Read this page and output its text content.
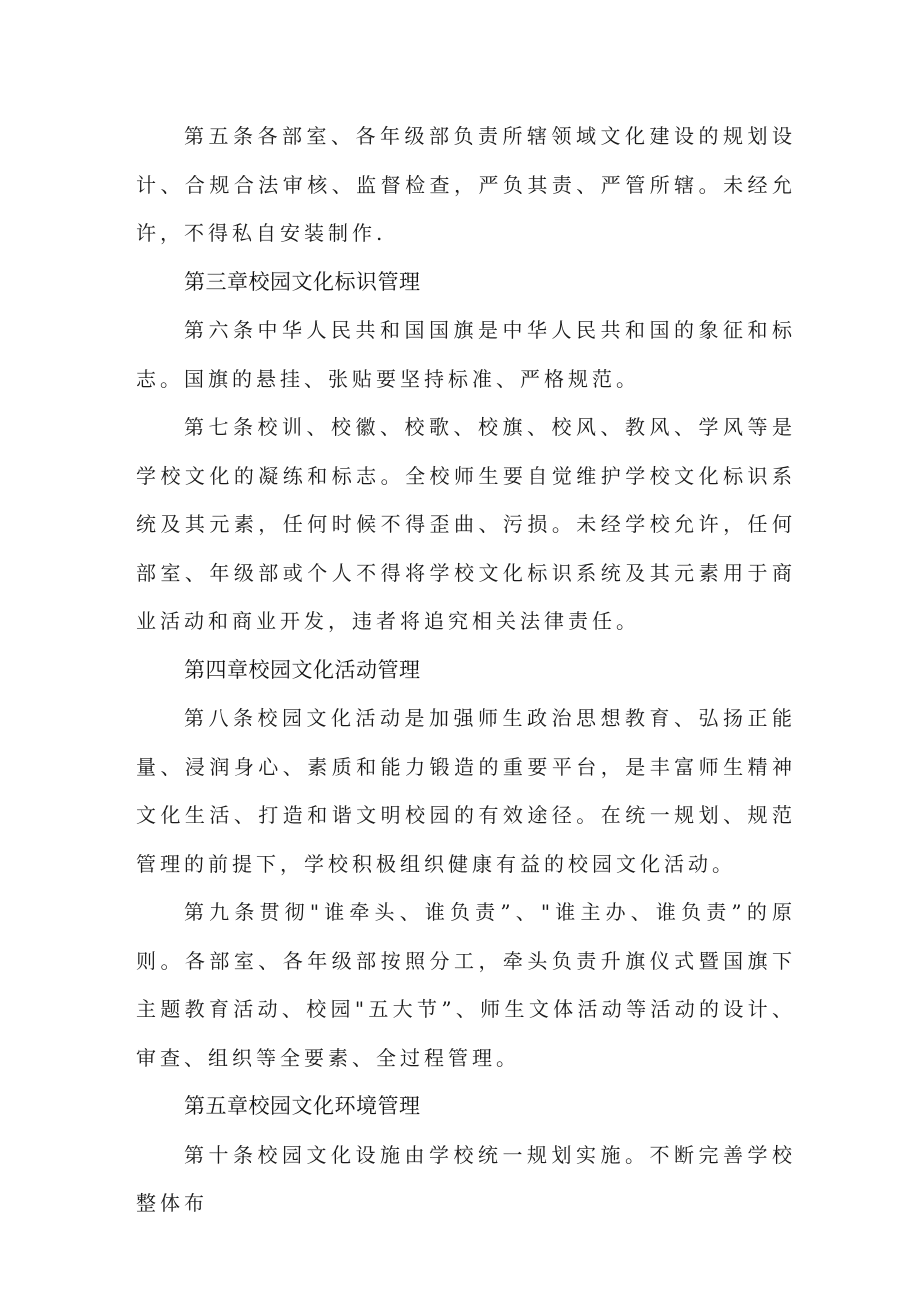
第五条各部室、各年级部负责所辖领域文化建设的规划设计、合规合法审核、监督检查，严负其责、严管所辖。未经允许，不得私自安装制作.

第三章校园文化标识管理

第六条中华人民共和国国旗是中华人民共和国的象征和标志。国旗的悬挂、张贴要坚持标准、严格规范。

第七条校训、校徽、校歌、校旗、校风、教风、学风等是学校文化的凝练和标志。全校师生要自觉维护学校文化标识系统及其元素，任何时候不得歪曲、污损。未经学校允许，任何部室、年级部或个人不得将学校文化标识系统及其元素用于商业活动和商业开发，违者将追究相关法律责任。

第四章校园文化活动管理

第八条校园文化活动是加强师生政治思想教育、弘扬正能量、浸润身心、素质和能力锻造的重要平台，是丰富师生精神文化生活、打造和谐文明校园的有效途径。在统一规划、规范管理的前提下，学校积极组织健康有益的校园文化活动。

第九条贯彻"谁牵头、谁负责”、"谁主办、谁负责”的原则。各部室、各年级部按照分工，牵头负责升旗仪式暨国旗下主题教育活动、校园"五大节”、师生文体活动等活动的设计、审查、组织等全要素、全过程管理。

第五章校园文化环境管理

第十条校园文化设施由学校统一规划实施。不断完善学校整体布
